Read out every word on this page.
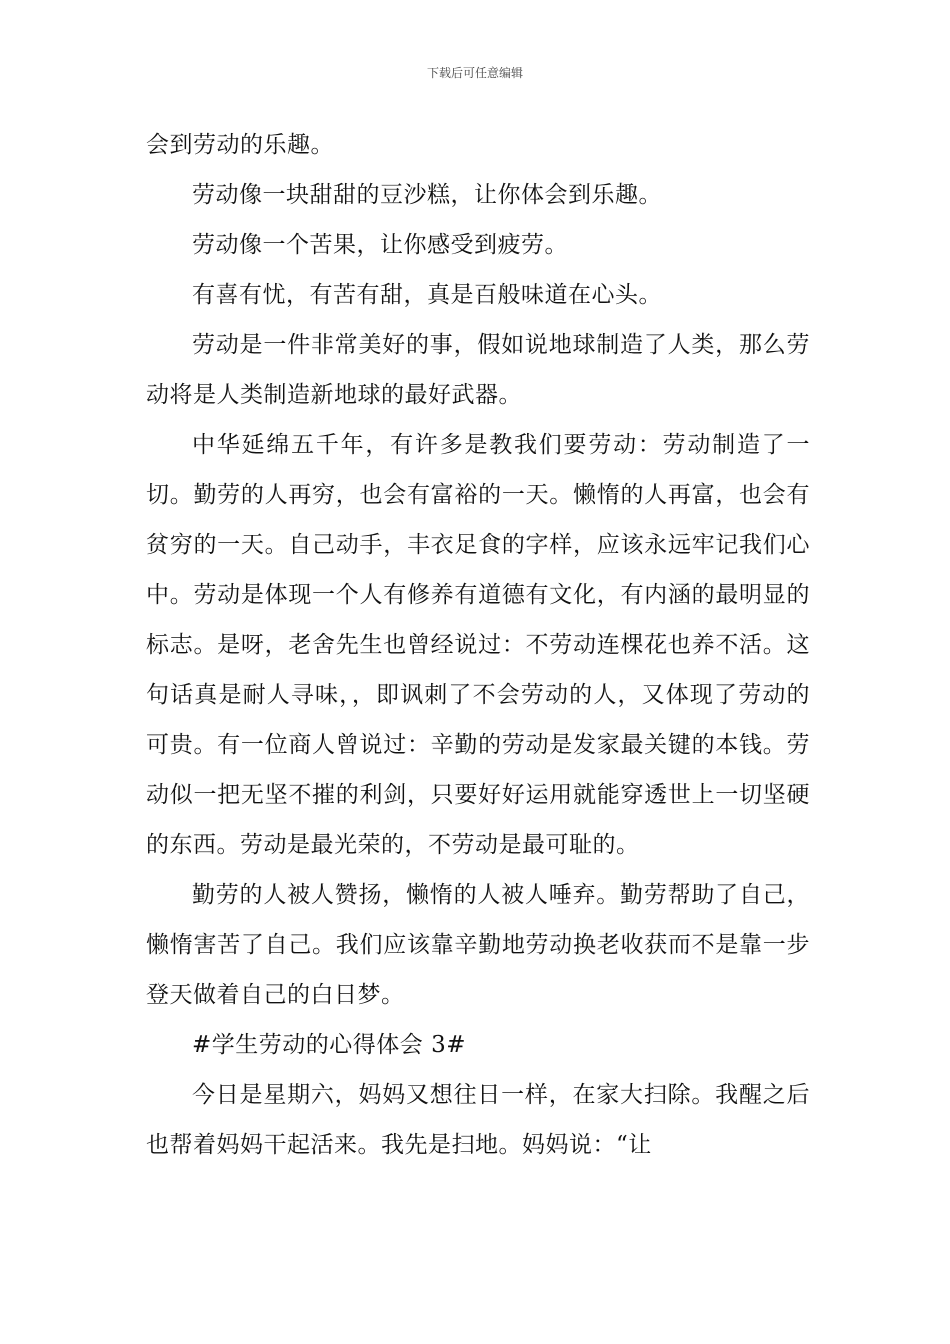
下载后可任意编辑

会到劳动的乐趣。

劳动像一块甜甜的豆沙糕，让你体会到乐趣。

劳动像一个苦果，让你感受到疲劳。

有喜有忧，有苦有甜，真是百般味道在心头。

劳动是一件非常美好的事，假如说地球制造了人类，那么劳动将是人类制造新地球的最好武器。

中华延绵五千年，有许多是教我们要劳动：劳动制造了一切。勤劳的人再穷，也会有富裕的一天。懒惰的人再富，也会有贫穷的一天。自己动手，丰衣足食的字样，应该永远牢记我们心中。劳动是体现一个人有修养有道德有文化，有内涵的最明显的标志。是呀，老舍先生也曾经说过：不劳动连棵花也养不活。这句话真是耐人寻味，，即讽刺了不会劳动的人，又体现了劳动的可贵。有一位商人曾说过：辛勤的劳动是发家最关键的本钱。劳动似一把无坚不摧的利剑，只要好好运用就能穿透世上一切坚硬的东西。劳动是最光荣的，不劳动是最可耻的。

勤劳的人被人赞扬，懒惰的人被人唾弃。勤劳帮助了自己，懒惰害苦了自己。我们应该靠辛勤地劳动换老收获而不是靠一步登天做着自己的白日梦。

#学生劳动的心得体会 3#

今日是星期六，妈妈又想往日一样，在家大扫除。我醒之后也帮着妈妈干起活来。我先是扫地。妈妈说：“让
